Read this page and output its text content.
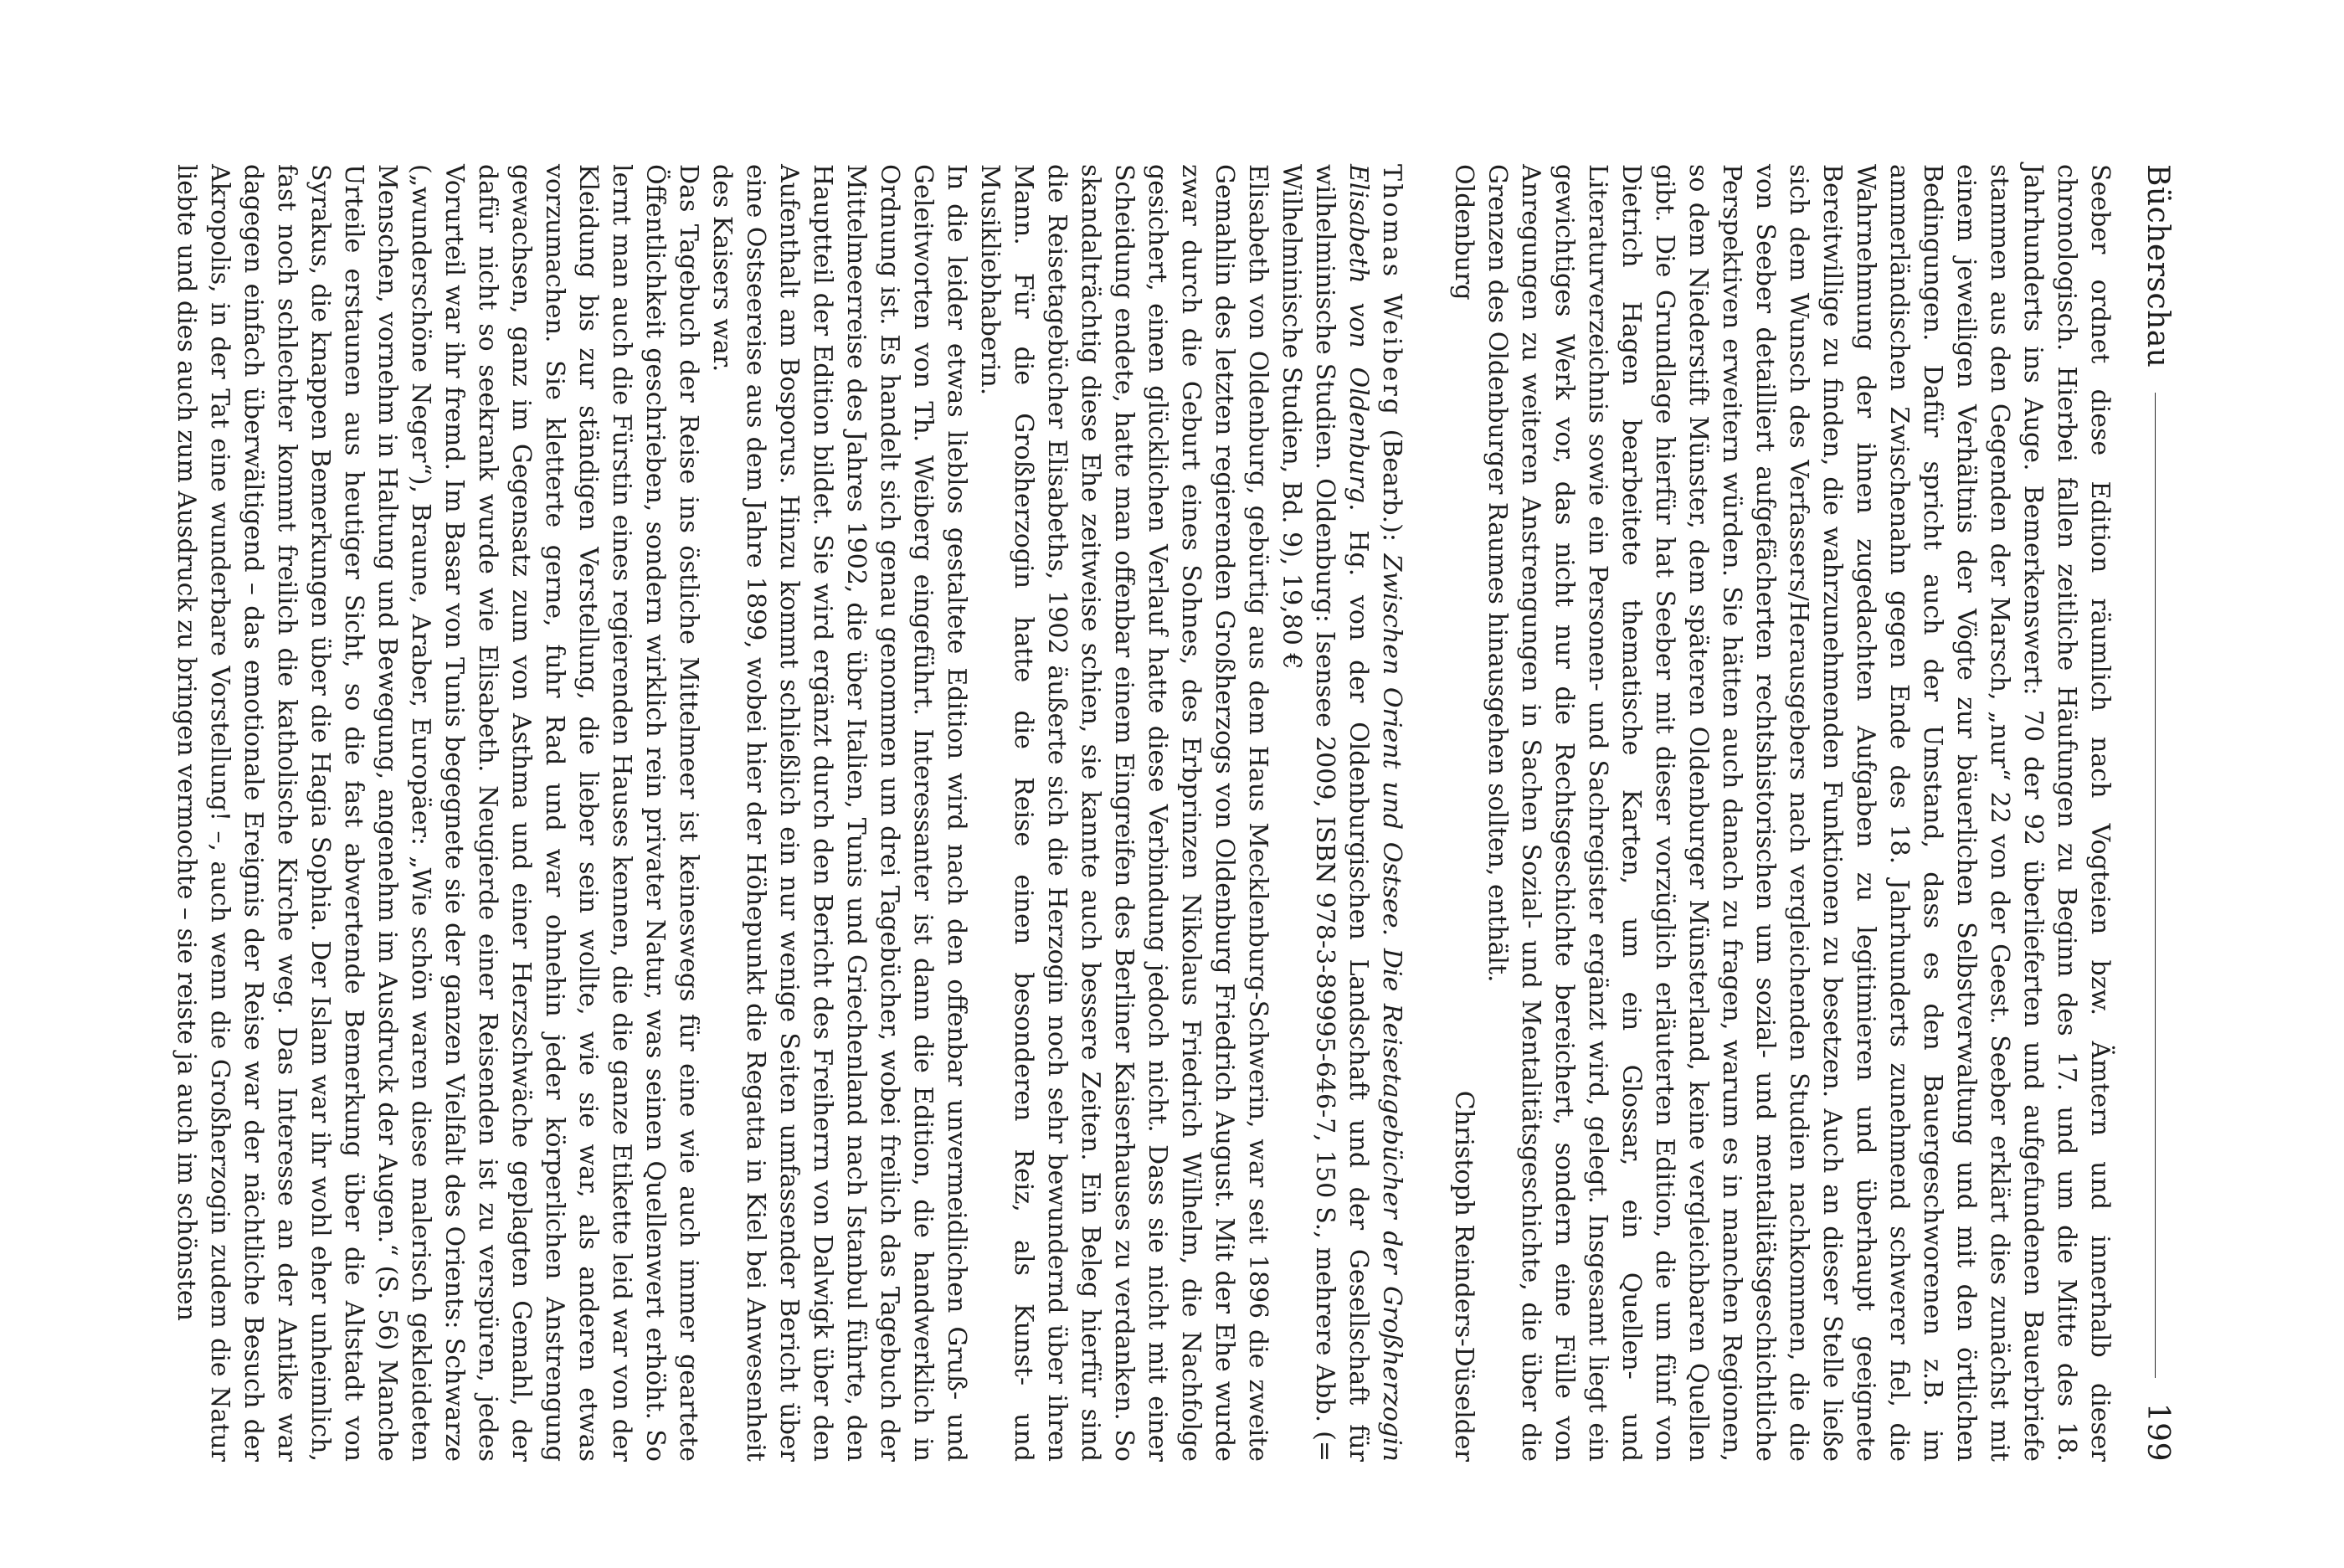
Bücherschau
199

Seeber ordnet diese Edition räumlich nach Vogteien bzw. Ämtern und innerhalb dieser chronologisch. Hierbei fallen zeitliche Häufungen zu Beginn des 17. und um die Mitte des 18. Jahrhunderts ins Auge. Bemerkenswert: 70 der 92 überlieferten und aufgefundenen Bauerbriefe stammen aus den Gegenden der Marsch, „nur“ 22 von der Geest. Seeber erklärt dies zunächst mit einem jeweiligen Verhältnis der Vögte zur bäuerlichen Selbstverwaltung und mit den örtlichen Bedingungen. Dafür spricht auch der Umstand, dass es den Bauergeschworenen z.B. im ammerländischen Zwischenahn gegen Ende des 18. Jahrhunderts zunehmend schwerer fiel, die Wahrnehmung der ihnen zugedachten Aufgaben zu legitimieren und überhaupt geeignete Bereitwillige zu finden, die wahrzunehmenden Funktionen zu besetzen. Auch an dieser Stelle ließe sich dem Wunsch des Verfassers/Herausgebers nach vergleichenden Studien nachkommen, die die von Seeber detailliert aufgefächerten rechtshistorischen um sozial- und mentalitätsgeschichtliche Perspektiven erweitern würden. Sie hätten auch danach zu fragen, warum es in manchen Regionen, so dem Niederstift Münster, dem späteren Oldenburger Münsterland, keine vergleichbaren Quellen gibt. Die Grundlage hierfür hat Seeber mit dieser vorzüglich erläuterten Edition, die um fünf von Dietrich Hagen bearbeitete thematische Karten, um ein Glossar, ein Quellen- und Literaturverzeichnis sowie ein Personen- und Sachregister ergänzt wird, gelegt. Insgesamt liegt ein gewichtiges Werk vor, das nicht nur die Rechtsgeschichte bereichert, sondern eine Fülle von Anregungen zu weiteren Anstrengungen in Sachen Sozial- und Mentalitätsgeschichte, die über die Grenzen des Oldenburger Raumes hinausgehen sollten, enthält.

Oldenburg
Christoph Reinders-Düselder

Thomas Weiberg (Bearb.): Zwischen Orient und Ostsee. Die Reisetagebücher der Großherzogin Elisabeth von Oldenburg. Hg. von der Oldenburgischen Landschaft und der Gesellschaft für wilhelminische Studien. Oldenburg: Isensee 2009, ISBN 978-3-89995-646-7, 150 S., mehrere Abb. (= Wilhelminische Studien, Bd. 9), 19,80 €

Elisabeth von Oldenburg, gebürtig aus dem Haus Mecklenburg-Schwerin, war seit 1896 die zweite Gemahlin des letzten regierenden Großherzogs von Oldenburg Friedrich August. Mit der Ehe wurde zwar durch die Geburt eines Sohnes, des Erbprinzen Nikolaus Friedrich Wilhelm, die Nachfolge gesichert, einen glücklichen Verlauf hatte diese Verbindung jedoch nicht. Dass sie nicht mit einer Scheidung endete, hatte man offenbar einem Eingreifen des Berliner Kaiserhauses zu verdanken. So skandalträchtig diese Ehe zeitweise schien, sie kannte auch bessere Zeiten. Ein Beleg hierfür sind die Reisetagebücher Elisabeths, 1902 äußerte sich die Herzogin noch sehr bewundernd über ihren Mann. Für die Großherzogin hatte die Reise einen besonderen Reiz, als Kunst- und Musikliebhaberin.

In die leider etwas lieblos gestaltete Edition wird nach den offenbar unvermeidlichen Gruß- und Geleitworten von Th. Weiberg eingeführt. Interessanter ist dann die Edition, die handwerklich in Ordnung ist. Es handelt sich genau genommen um drei Tagebücher, wobei freilich das Tagebuch der Mittelmeerreise des Jahres 1902, die über Italien, Tunis und Griechenland nach Istanbul führte, den Hauptteil der Edition bildet. Sie wird ergänzt durch den Bericht des Freiherrn von Dalwigk über den Aufenthalt am Bosporus. Hinzu kommt schließlich ein nur wenige Seiten umfassender Bericht über eine Ostseereise aus dem Jahre 1899, wobei hier der Höhepunkt die Regatta in Kiel bei Anwesenheit des Kaisers war.

Das Tagebuch der Reise ins östliche Mittelmeer ist keineswegs für eine wie auch immer geartete Öffentlichkeit geschrieben, sondern wirklich rein privater Natur, was seinen Quellenwert erhöht. So lernt man auch die Fürstin eines regierenden Hauses kennen, die die ganze Etikette leid war von der Kleidung bis zur ständigen Verstellung, die lieber sein wollte, wie sie war, als anderen etwas vorzumachen. Sie kletterte gerne, fuhr Rad und war ohnehin jeder körperlichen Anstrengung gewachsen, ganz im Gegensatz zum von Asthma und einer Herzschwäche geplagten Gemahl, der dafür nicht so seekrank wurde wie Elisabeth. Neugierde einer Reisenden ist zu verspüren, jedes Vorurteil war ihr fremd. Im Basar von Tunis begegnete sie der ganzen Vielfalt des Orients: Schwarze („wunderschöne Neger“), Braune, Araber, Europäer: „Wie schön waren diese malerisch gekleideten Menschen, vornehm in Haltung und Bewegung, angenehm im Ausdruck der Augen.“ (S. 56) Manche Urteile erstaunen aus heutiger Sicht, so die fast abwertende Bemerkung über die Altstadt von Syrakus, die knappen Bemerkungen über die Hagia Sophia. Der Islam war ihr wohl eher unheimlich, fast noch schlechter kommt freilich die katholische Kirche weg. Das Interesse an der Antike war dagegen einfach überwältigend – das emotionale Ereignis der Reise war der nächtliche Besuch der Akropolis, in der Tat eine wunderbare Vorstellung! –, auch wenn die Großherzogin zudem die Natur liebte und dies auch zum Ausdruck zu bringen vermochte – sie reiste ja auch im schönsten
